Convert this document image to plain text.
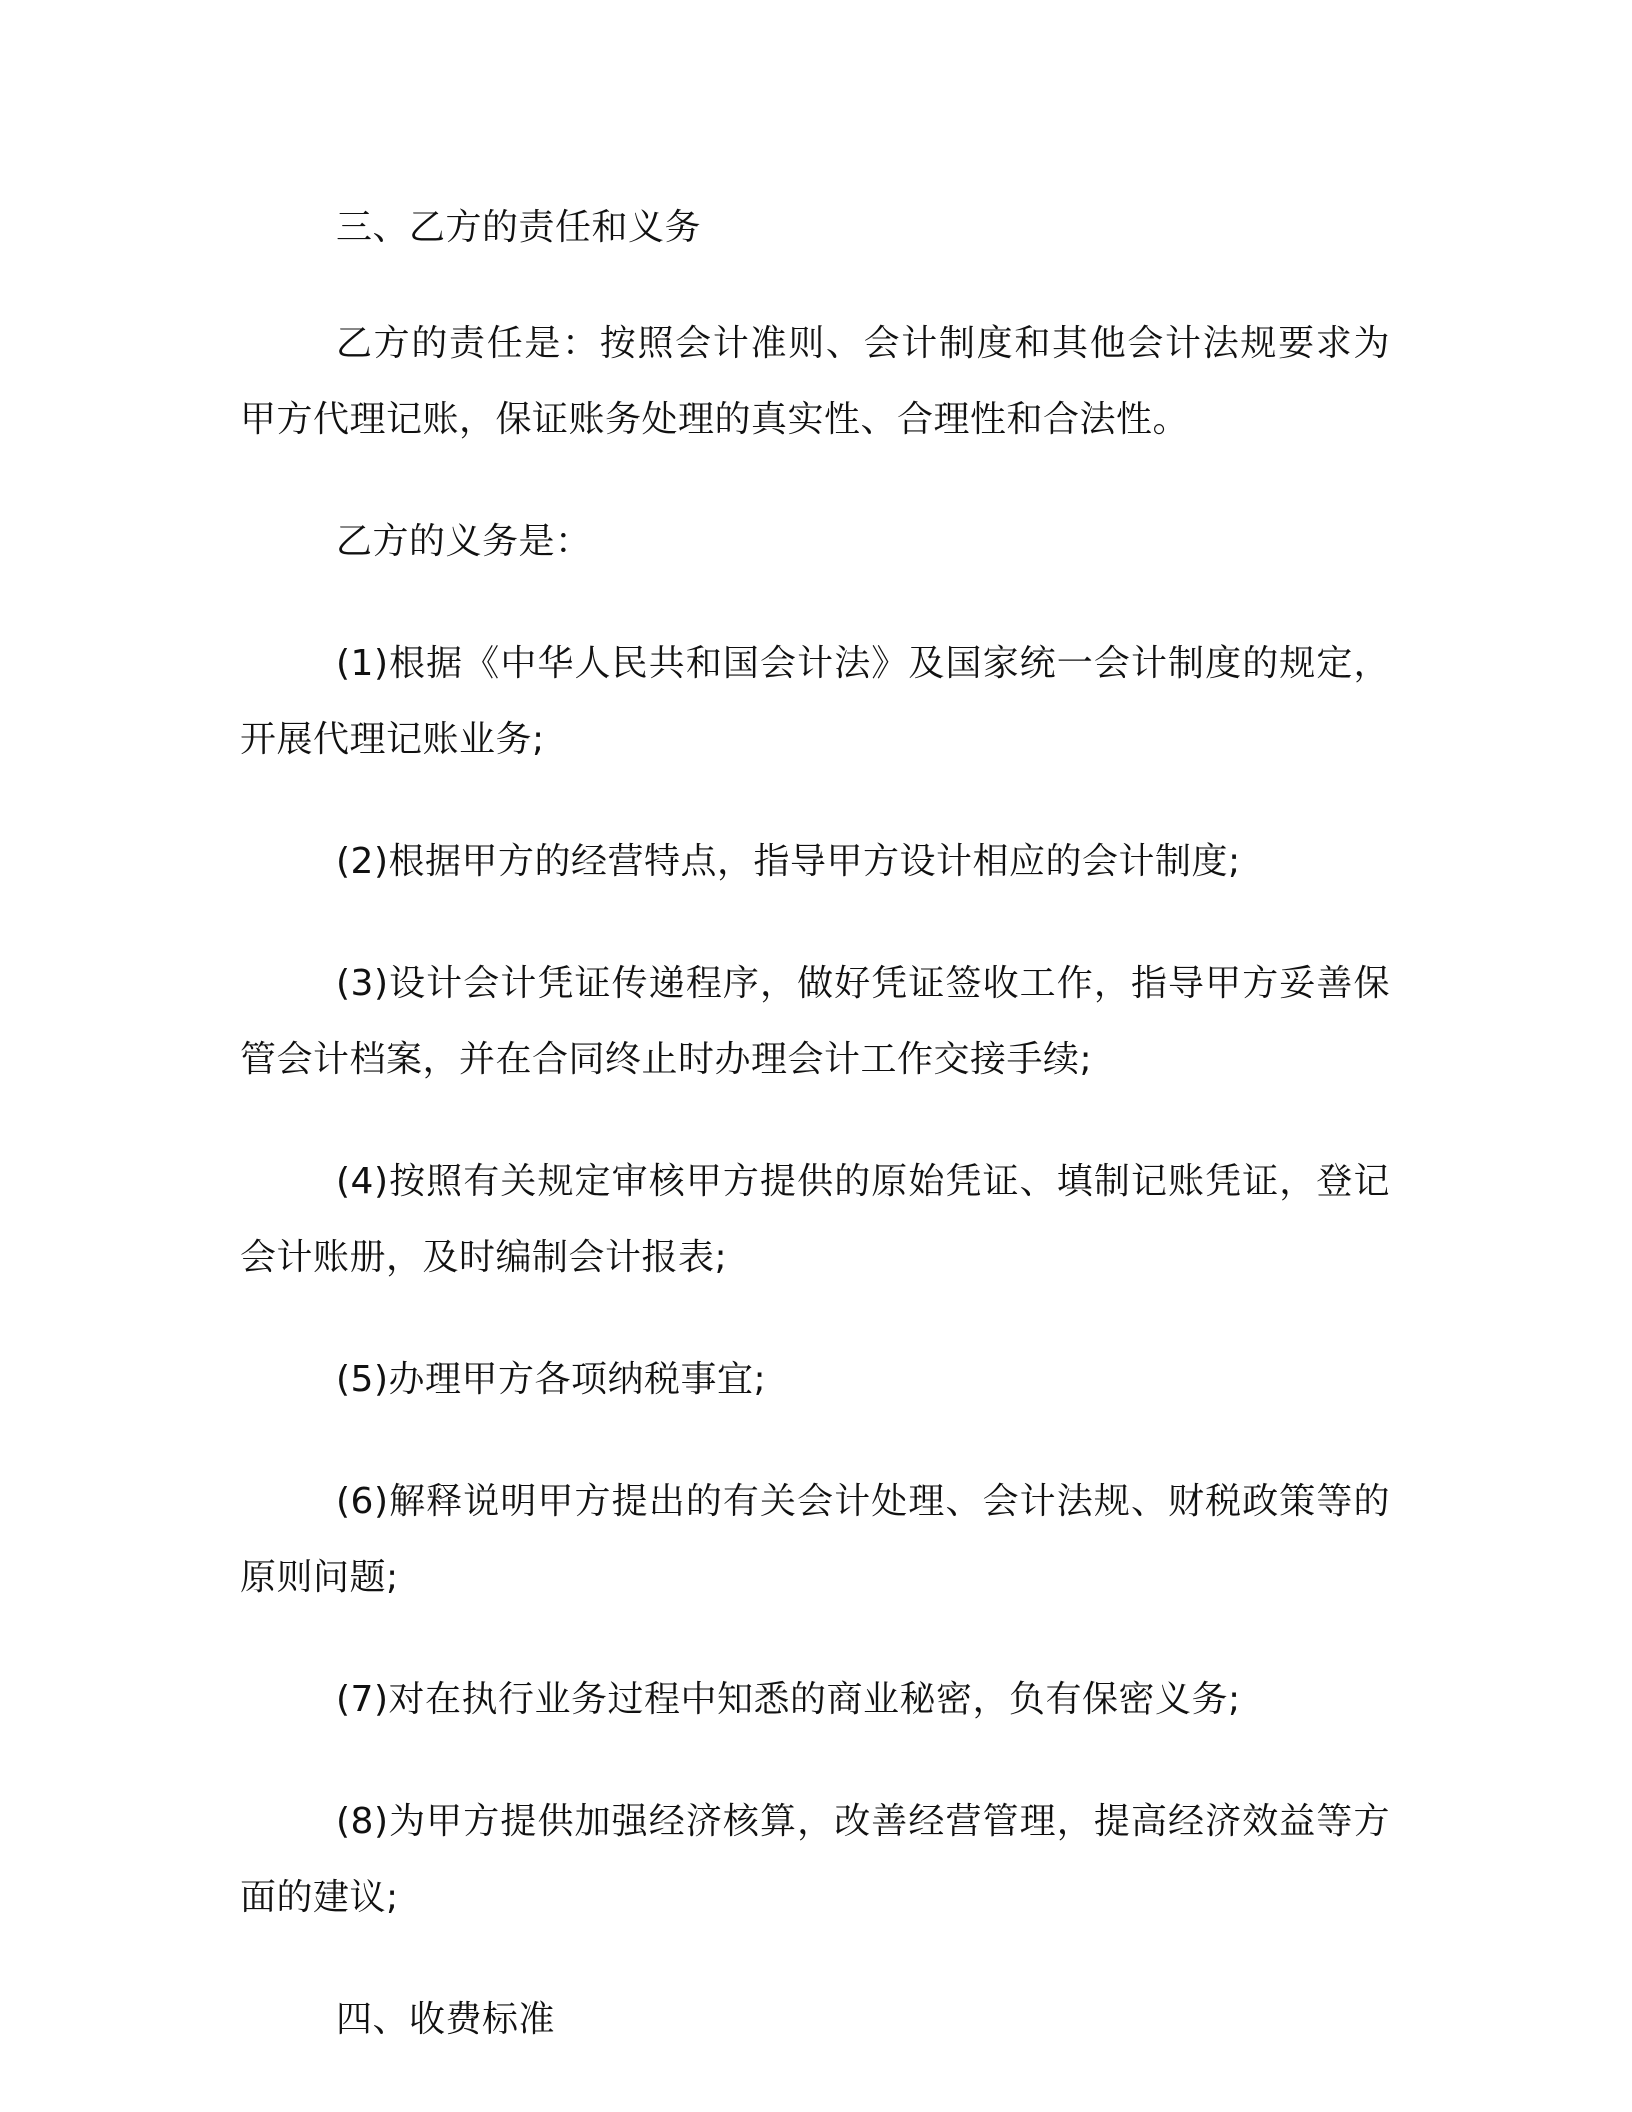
三、乙方的责任和义务

乙方的责任是：按照会计准则、会计制度和其他会计法规要求为甲方代理记账，保证账务处理的真实性、合理性和合法性。

乙方的义务是：

(1)根据《中华人民共和国会计法》及国家统一会计制度的规定，开展代理记账业务;

(2)根据甲方的经营特点，指导甲方设计相应的会计制度;

(3)设计会计凭证传递程序，做好凭证签收工作，指导甲方妥善保管会计档案，并在合同终止时办理会计工作交接手续;

(4)按照有关规定审核甲方提供的原始凭证、填制记账凭证，登记会计账册，及时编制会计报表;

(5)办理甲方各项纳税事宜;

(6)解释说明甲方提出的有关会计处理、会计法规、财税政策等的原则问题;

(7)对在执行业务过程中知悉的商业秘密，负有保密义务;

(8)为甲方提供加强经济核算，改善经营管理，提高经济效益等方面的建议;

四、收费标准
